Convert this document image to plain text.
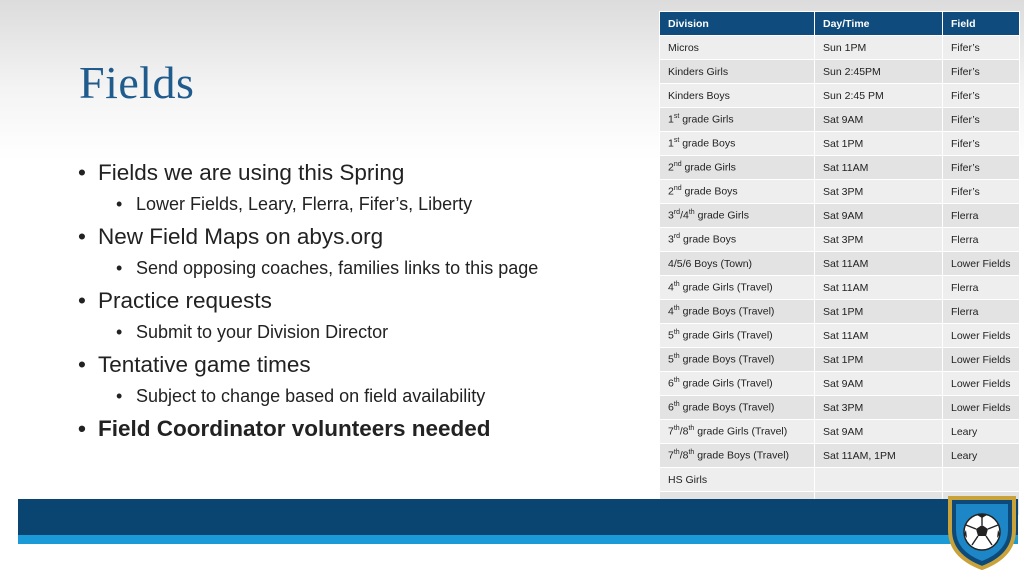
Fields
• Fields we are using this Spring
• Lower Fields, Leary, Flerra, Fifer’s, Liberty
• New Field Maps on abys.org
• Send opposing coaches, families links to this page
• Practice requests
• Submit to your Division Director
• Tentative game times
• Subject to change based on field availability
• Field Coordinator volunteers needed
Division	Day/Time	Field
Micros	Sun 1PM	Fifer’s
Kinders Girls	Sun 2:45PM	Fifer’s
Kinders Boys	Sun 2:45 PM	Fifer’s
1st grade Girls	Sat 9AM	Fifer’s
1st grade Boys	Sat 1PM	Fifer’s
2nd grade Girls	Sat 11AM	Fifer’s
2nd grade Boys	Sat 3PM	Fifer’s
3rd/4th grade Girls	Sat 9AM	Flerra
3rd grade Boys	Sat 3PM	Flerra
4/5/6 Boys (Town)	Sat 11AM	Lower Fields
4th grade Girls (Travel)	Sat 11AM	Flerra
4th grade Boys (Travel)	Sat 1PM	Flerra
5th grade Girls (Travel)	Sat 11AM	Lower Fields
5th grade Boys (Travel)	Sat 1PM	Lower Fields
6th grade Girls (Travel)	Sat 9AM	Lower Fields
6th grade Boys (Travel)	Sat 3PM	Lower Fields
7th/8th grade Girls (Travel)	Sat 9AM	Leary
7th/8th grade Boys (Travel)	Sat 11AM, 1PM	Leary
HS Girls		
